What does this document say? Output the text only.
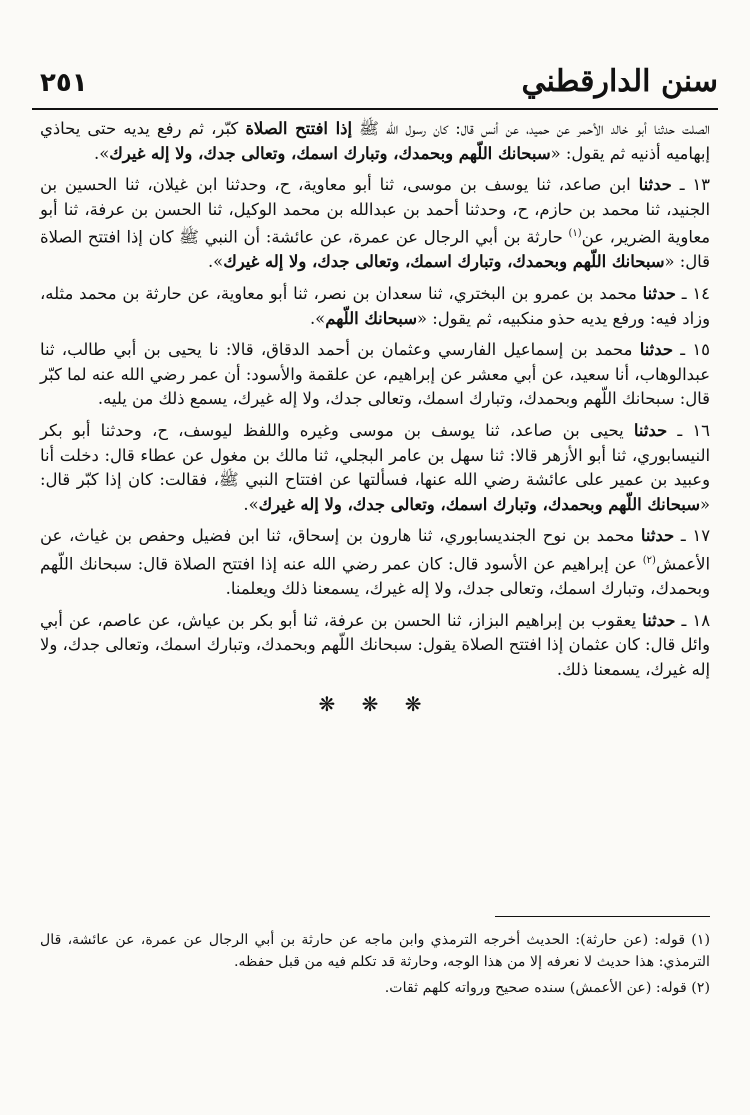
٢٥١	سنن الدارقطني

الصلت حدثنا أبو خالد الأحمر عن حميد، عن أنس قال: كان رسول الله ﷺ إذا افتتح الصلاة كبّر، ثم رفع يديه حتى يحاذي إبهاميه أذنيه ثم يقول: «سبحانك اللّهم وبحمدك، وتبارك اسمك، وتعالى جدك، ولا إله غيرك».

١٣ ـ حدثنا ابن صاعد، ثنا يوسف بن موسى، ثنا أبو معاوية، ح، وحدثنا ابن غيلان، ثنا الحسين بن الجنيد، ثنا محمد بن حازم، ح، وحدثنا أحمد بن عبدالله بن محمد الوكيل، ثنا الحسن بن عرفة، ثنا أبو معاوية الضرير، عن$^{(١)}$ حارثة بن أبي الرجال عن عمرة، عن عائشة: أن النبي ﷺ كان إذا افتتح الصلاة قال: «سبحانك اللّهم وبحمدك، وتبارك اسمك، وتعالى جدك، ولا إله غيرك».

١٤ ـ حدثنا محمد بن عمرو بن البختري، ثنا سعدان بن نصر، ثنا أبو معاوية، عن حارثة بن محمد مثله، وزاد فيه: ورفع يديه حذو منكبيه، ثم يقول: «سبحانك اللّهم».

١٥ ـ حدثنا محمد بن إسماعيل الفارسي وعثمان بن أحمد الدقاق، قالا: نا يحيى بن أبي طالب، ثنا عبدالوهاب، أنا سعيد، عن أبي معشر عن إبراهيم، عن علقمة والأسود: أن عمر رضي الله عنه لما كبّر قال: سبحانك اللّهم وبحمدك، وتبارك اسمك، وتعالى جدك، ولا إله غيرك، يسمع ذلك من يليه.

١٦ ـ حدثنا يحيى بن صاعد، ثنا يوسف بن موسى وغيره واللفظ ليوسف، ح، وحدثنا أبو بكر النيسابوري، ثنا أبو الأزهر قالا: ثنا سهل بن عامر البجلي، ثنا مالك بن مغول عن عطاء قال: دخلت أنا وعبيد بن عمير على عائشة رضي الله عنها، فسألتها عن افتتاح النبي ﷺ، فقالت: كان إذا كبّر قال: «سبحانك اللّهم وبحمدك، وتبارك اسمك، وتعالى جدك، ولا إله غيرك».

١٧ ـ حدثنا محمد بن نوح الجنديسابوري، ثنا هارون بن إسحاق، ثنا ابن فضيل وحفص بن غياث، عن الأعمش$^{(٢)}$ عن إبراهيم عن الأسود قال: كان عمر رضي الله عنه إذا افتتح الصلاة قال: سبحانك اللّهم وبحمدك، وتبارك اسمك، وتعالى جدك، ولا إله غيرك، يسمعنا ذلك ويعلمنا.

١٨ ـ حدثنا يعقوب بن إبراهيم البزاز، ثنا الحسن بن عرفة، ثنا أبو بكر بن عياش، عن عاصم، عن أبي وائل قال: كان عثمان إذا افتتح الصلاة يقول: سبحانك اللّهم وبحمدك، وتبارك اسمك، وتعالى جدك، ولا إله غيرك، يسمعنا ذلك.

❋ ❋ ❋

(١) قوله: (عن حارثة): الحديث أخرجه الترمذي وابن ماجه عن حارثة بن أبي الرجال عن عمرة، عن عائشة، قال الترمذي: هذا حديث لا نعرفه إلا من هذا الوجه، وحارثة قد تكلم فيه من قبل حفظه.

(٢) قوله: (عن الأعمش) سنده صحيح ورواته كلهم ثقات.
